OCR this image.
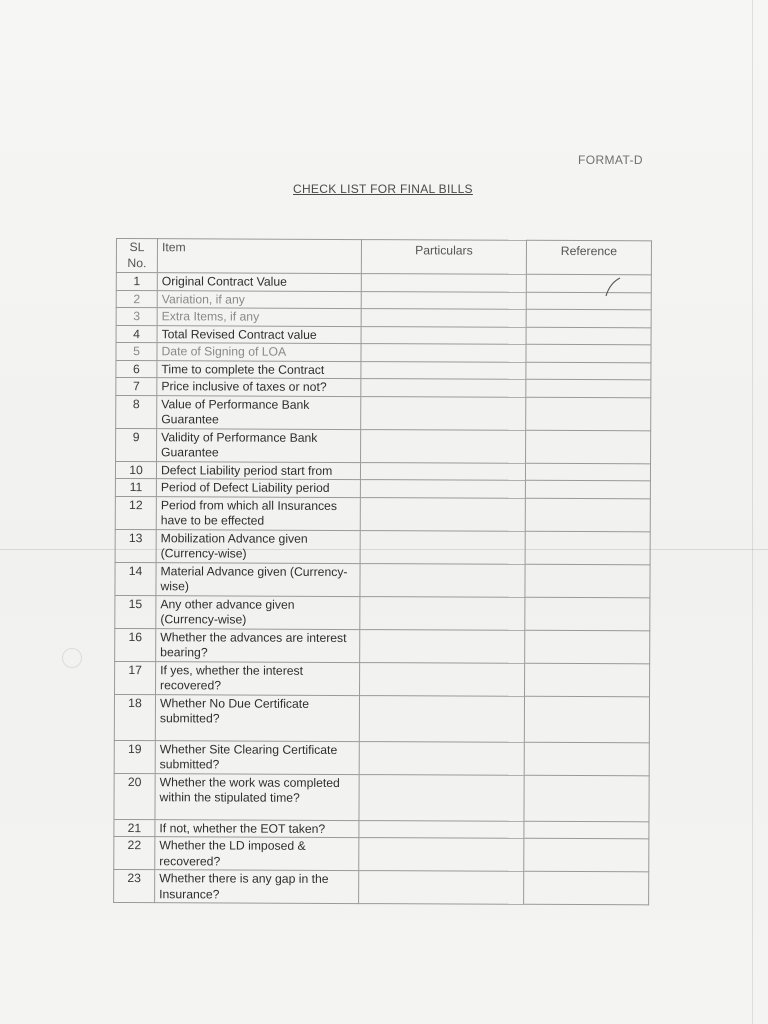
FORMAT-D
CHECK LIST FOR FINAL BILLS
SL No.	Item	Particulars	Reference
1	Original Contract Value		
2	Variation, if any		
3	Extra Items, if any		
4	Total Revised Contract value		
5	Date of Signing of LOA		
6	Time to complete the Contract		
7	Price inclusive of taxes or not?		
8	Value of Performance Bank Guarantee		
9	Validity of Performance Bank Guarantee		
10	Defect Liability period start from		
11	Period of Defect Liability period		
12	Period from which all Insurances have to be effected		
13	Mobilization Advance given (Currency-wise)		
14	Material Advance given (Currency-wise)		
15	Any other advance given (Currency-wise)		
16	Whether the advances are interest bearing?		
17	If yes, whether the interest recovered?		
18	Whether No Due Certificate submitted?		
19	Whether Site Clearing Certificate submitted?		
20	Whether the work was completed within the stipulated time?		
21	If not, whether the EOT taken?		
22	Whether the LD imposed & recovered?		
23	Whether there is any gap in the Insurance?		
